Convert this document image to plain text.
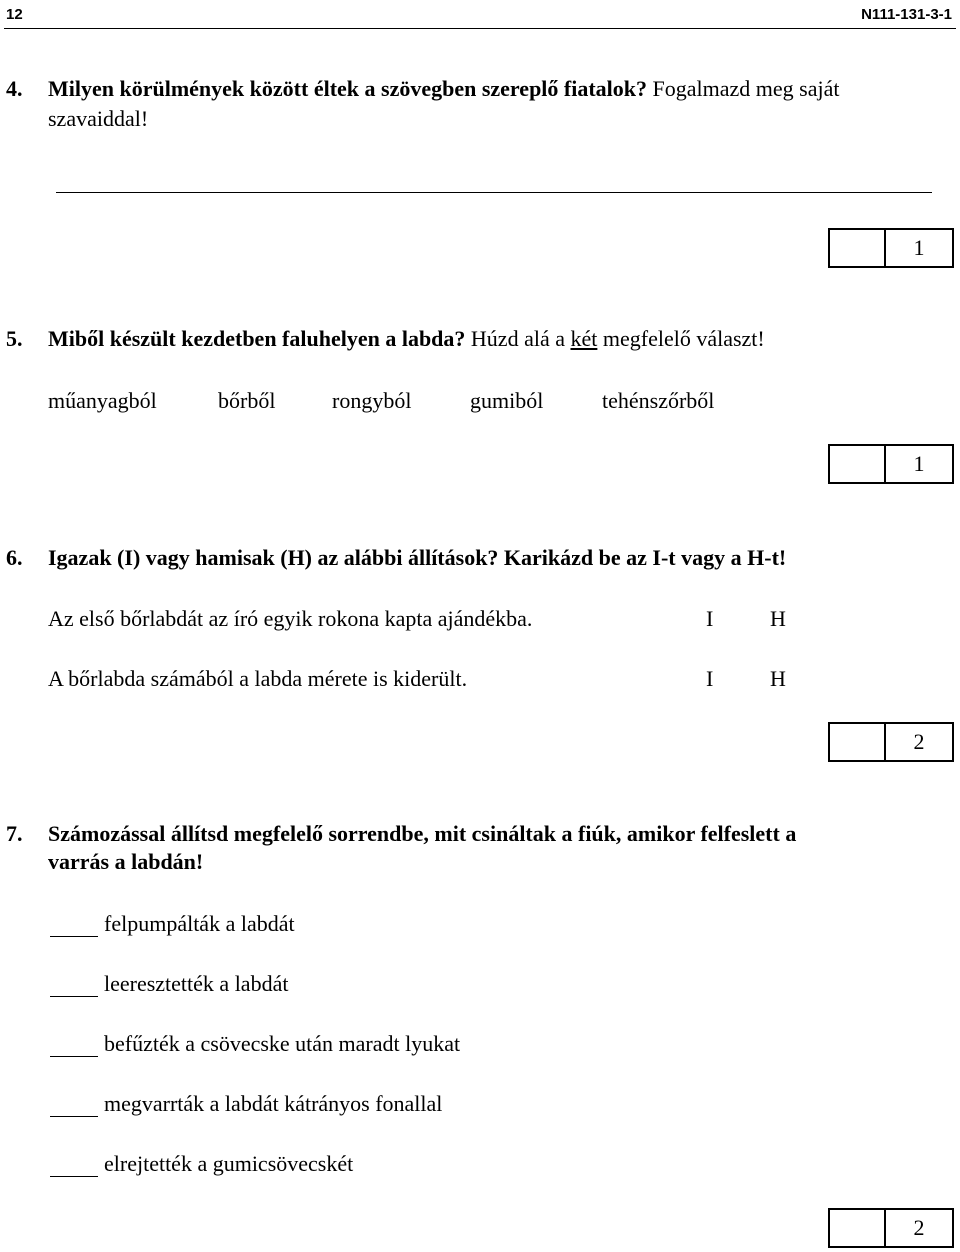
12	N111-131-3-1
4. Milyen körülmények között éltek a szövegben szereplő fiatalok? Fogalmazd meg saját
szavaiddal!
1
5. Miből készült kezdetben faluhelyen a labda? Húzd alá a két megfelelő választ!
műanyagból	bőrből	rongyból	gumiból	tehénszőrből
1
6. Igazak (I) vagy hamisak (H) az alábbi állítások? Karikázd be az I-t vagy a H-t!
Az első bőrlabdát az író egyik rokona kapta ajándékba.	I	H
A bőrlabda számából a labda mérete is kiderült.	I	H
2
7. Számozással állítsd megfelelő sorrendbe, mit csináltak a fiúk, amikor felfeslett a
varrás a labdán!
felpumpálták a labdát
leeresztették a labdát
befűzték a csövecske után maradt lyukat
megvarrták a labdát kátrányos fonallal
elrejtették a gumicsövecskét
2
